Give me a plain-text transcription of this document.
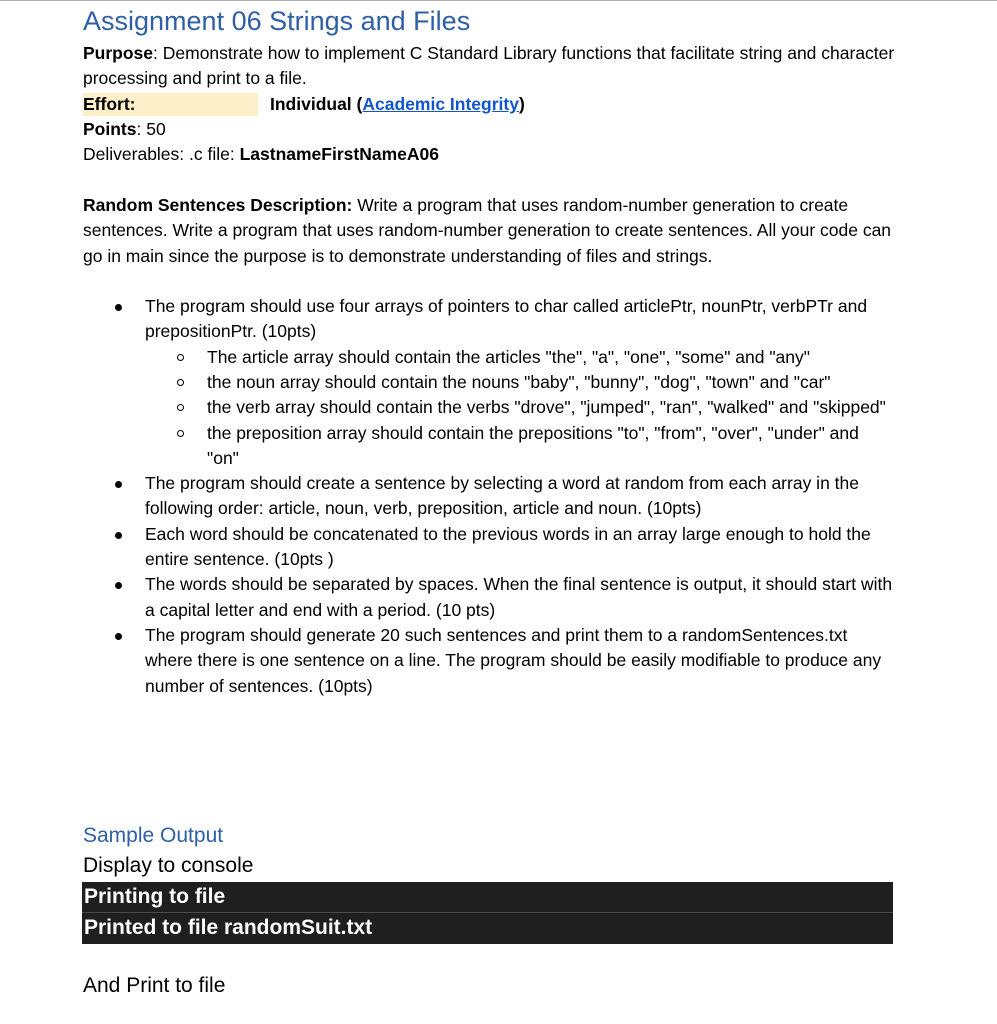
Assignment 06 Strings and Files

Purpose: Demonstrate how to implement C Standard Library functions that facilitate string and character processing and print to a file.

Effort:	Individual (Academic Integrity)

Points: 50

Deliverables: .c file: LastnameFirstNameA06

Random Sentences Description: Write a program that uses random-number generation to create sentences. Write a program that uses random-number generation to create sentences. All your code can go in main since the purpose is to demonstrate understanding of files and strings.

The program should use four arrays of pointers to char called articlePtr, nounPtr, verbPTr and prepositionPtr. (10pts)
The article array should contain the articles "the", "a", "one", "some" and "any"
the noun array should contain the nouns "baby", "bunny", "dog", "town" and "car"
the verb array should contain the verbs "drove", "jumped", "ran", "walked" and "skipped"
the preposition array should contain the prepositions "to", "from", "over", "under" and "on"
The program should create a sentence by selecting a word at random from each array in the following order: article, noun, verb, preposition, article and noun. (10pts)
Each word should be concatenated to the previous words in an array large enough to hold the entire sentence. (10pts )
The words should be separated by spaces. When the final sentence is output, it should start with a capital letter and end with a period. (10 pts)
The program should generate 20 such sentences and print them to a randomSentences.txt where there is one sentence on a line. The program should be easily modifiable to produce any number of sentences. (10pts)
Sample Output
Display to console
Printing to file
Printed to file randomSuit.txt
And Print to file
